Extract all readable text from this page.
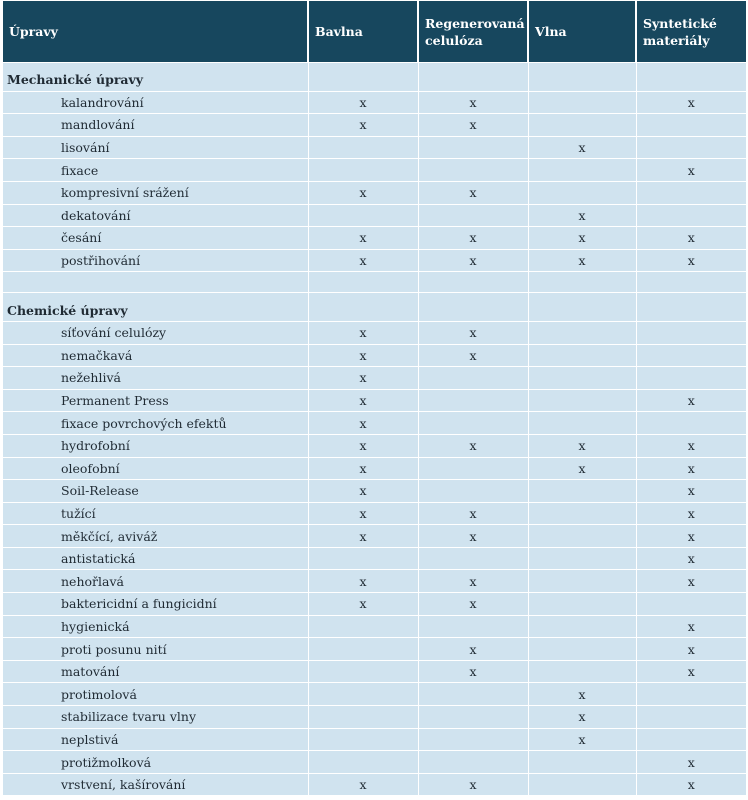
Úpravy	Bavlna	Regenerovaná celulóza	Vlna	Syntetické materiály
Mechanické úpravy				
kalandrování	x	x		x
mandlování	x	x		
lisování			x	
fixace				x
kompresivní srážení	x	x		
dekatování			x	
česání	x	x	x	x
postřihování	x	x	x	x

Chemické úpravy				
síťování celulózy	x	x		
nemačkavá	x	x		
nežehlivá	x			
Permanent Press	x			x
fixace povrchových efektů	x			
hydrofobní	x	x	x	x
oleofobní	x		x	x
Soil-Release	x			x
tužící	x	x		x
měkčící, aviváž	x	x		x
antistatická				x
nehořlavá	x	x		x
baktericidní a fungicidní	x	x		
hygienická				x
proti posunu nití		x		x
matování		x		x
protimolová			x	
stabilizace tvaru vlny			x	
neplstivá			x	
protižmolková				x
vrstvení, kašírování	x	x		x
